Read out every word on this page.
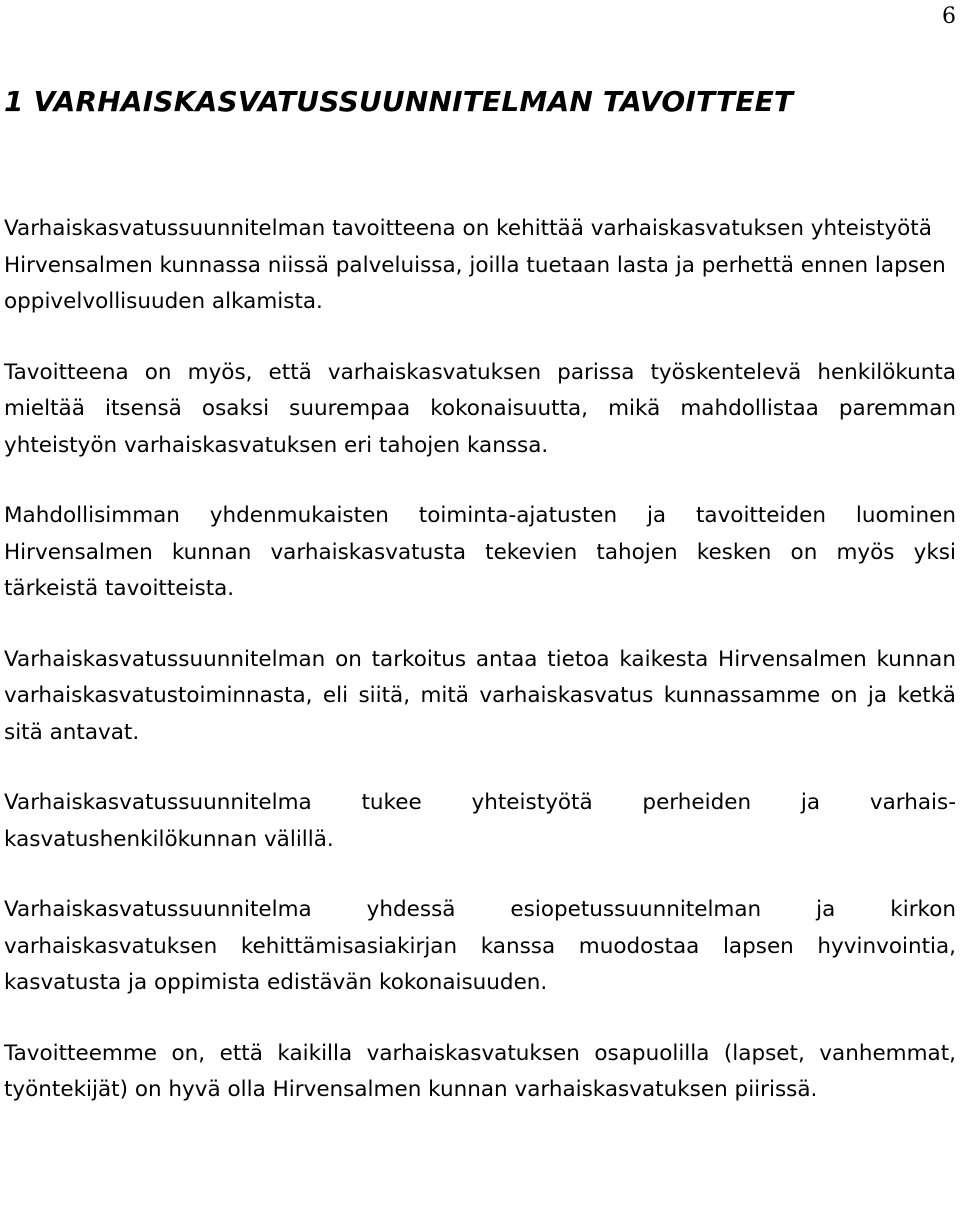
6
1 VARHAISKASVATUSSUUNNITELMAN TAVOITTEET

Varhaiskasvatussuunnitelman tavoitteena on kehittää varhaiskasvatuksen yhteistyötä Hirvensalmen kunnassa niissä palveluissa, joilla tuetaan lasta ja perhettä ennen lapsen oppivelvollisuuden alkamista.

Tavoitteena on myös, että varhaiskasvatuksen parissa työskentelevä henkilökunta mieltää itsensä osaksi suurempaa kokonaisuutta, mikä mahdollistaa paremman yhteistyön varhaiskasvatuksen eri tahojen kanssa.

Mahdollisimman yhdenmukaisten toiminta-ajatusten ja tavoitteiden luominen Hirvensalmen kunnan varhaiskasvatusta tekevien tahojen kesken on myös yksi tärkeistä tavoitteista.

Varhaiskasvatussuunnitelman on tarkoitus antaa tietoa kaikesta Hirvensalmen kunnan varhaiskasvatustoiminnasta, eli siitä, mitä varhaiskasvatus kunnassamme on ja ketkä sitä antavat.

Varhaiskasvatussuunnitelma tukee yhteistyötä perheiden ja varhaiskasvatushenkilökunnan välillä.

Varhaiskasvatussuunnitelma yhdessä esiopetussuunnitelman ja kirkon varhaiskasvatuksen kehittämisasiakirjan kanssa muodostaa lapsen hyvinvointia, kasvatusta ja oppimista edistävän kokonaisuuden.

Tavoitteemme on, että kaikilla varhaiskasvatuksen osapuolilla (lapset, vanhemmat, työntekijät) on hyvä olla Hirvensalmen kunnan varhaiskasvatuksen piirissä.
